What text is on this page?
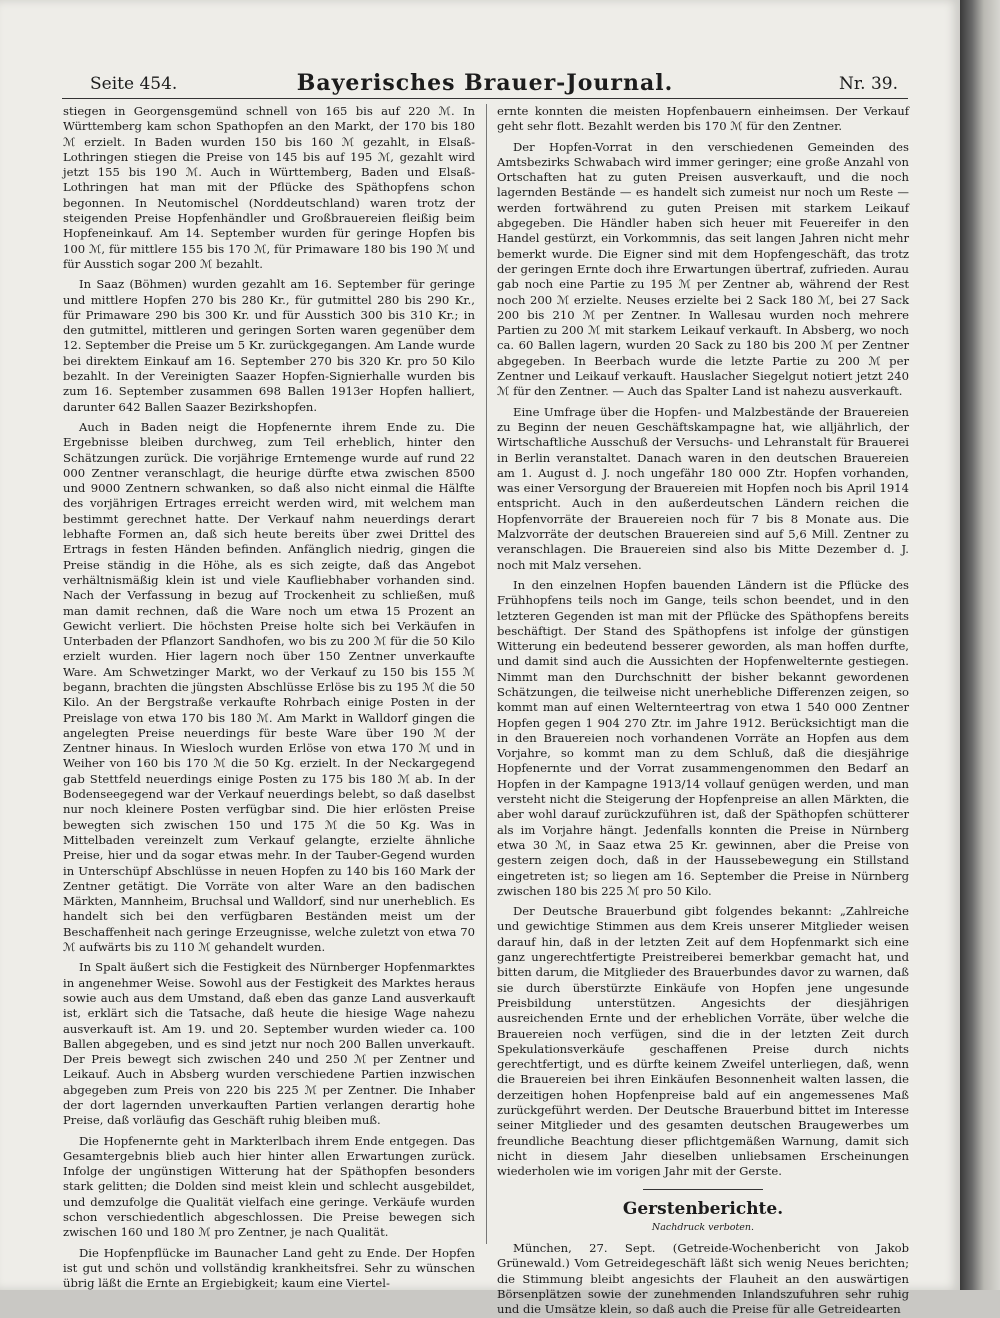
Seite 454.	Bayerisches Brauer-Journal.	Nr. 39.

stiegen in Georgensgemünd schnell von 165 bis auf 220 ℳ. In Württemberg kam schon Spathopfen an den Markt, der 170 bis 180 ℳ erzielt. In Baden wurden 150 bis 160 ℳ gezahlt, in Elsaß-Lothringen stiegen die Preise von 145 bis auf 195 ℳ, gezahlt wird jetzt 155 bis 190 ℳ. Auch in Württemberg, Baden und Elsaß-Lothringen hat man mit der Pflücke des Späthopfens schon begonnen. In Neutomischel (Norddeutschland) waren trotz der steigenden Preise Hopfenhändler und Großbrauereien fleißig beim Hopfeneinkauf. Am 14. September wurden für geringe Hopfen bis 100 ℳ, für mittlere 155 bis 170 ℳ, für Primaware 180 bis 190 ℳ und für Ausstich sogar 200 ℳ bezahlt.

In Saaz (Böhmen) wurden gezahlt am 16. September für geringe und mittlere Hopfen 270 bis 280 Kr., für gutmittel 280 bis 290 Kr., für Primaware 290 bis 300 Kr. und für Ausstich 300 bis 310 Kr.; in den gutmittel, mittleren und geringen Sorten waren gegenüber dem 12. September die Preise um 5 Kr. zurückgegangen. Am Lande wurde bei direktem Einkauf am 16. September 270 bis 320 Kr. pro 50 Kilo bezahlt. In der Vereinigten Saazer Hopfen-Signierhalle wurden bis zum 16. September zusammen 698 Ballen 1913er Hopfen halliert, darunter 642 Ballen Saazer Bezirkshopfen.

Auch in Baden neigt die Hopfenernte ihrem Ende zu. Die Ergebnisse bleiben durchweg, zum Teil erheblich, hinter den Schätzungen zurück. Die vorjährige Erntemenge wurde auf rund 22 000 Zentner veranschlagt, die heurige dürfte etwa zwischen 8500 und 9000 Zentnern schwanken, so daß also nicht einmal die Hälfte des vorjährigen Ertrages erreicht werden wird, mit welchem man bestimmt gerechnet hatte. Der Verkauf nahm neuerdings derart lebhafte Formen an, daß sich heute bereits über zwei Drittel des Ertrags in festen Händen befinden. Anfänglich niedrig, gingen die Preise ständig in die Höhe, als es sich zeigte, daß das Angebot verhältnismäßig klein ist und viele Kaufliebhaber vorhanden sind. Nach der Verfassung in bezug auf Trockenheit zu schließen, muß man damit rechnen, daß die Ware noch um etwa 15 Prozent an Gewicht verliert. Die höchsten Preise holte sich bei Verkäufen in Unterbaden der Pflanzort Sandhofen, wo bis zu 200 ℳ für die 50 Kilo erzielt wurden. Hier lagern noch über 150 Zentner unverkaufte Ware. Am Schwetzinger Markt, wo der Verkauf zu 150 bis 155 ℳ begann, brachten die jüngsten Abschlüsse Erlöse bis zu 195 ℳ die 50 Kilo. An der Bergstraße verkaufte Rohrbach einige Posten in der Preislage von etwa 170 bis 180 ℳ. Am Markt in Walldorf gingen die angelegten Preise neuerdings für beste Ware über 190 ℳ der Zentner hinaus. In Wiesloch wurden Erlöse von etwa 170 ℳ und in Weiher von 160 bis 170 ℳ die 50 Kg. erzielt. In der Neckargegend gab Stettfeld neuerdings einige Posten zu 175 bis 180 ℳ ab. In der Bodenseegegend war der Verkauf neuerdings belebt, so daß daselbst nur noch kleinere Posten verfügbar sind. Die hier erlösten Preise bewegten sich zwischen 150 und 175 ℳ die 50 Kg. Was in Mittelbaden vereinzelt zum Verkauf gelangte, erzielte ähnliche Preise, hier und da sogar etwas mehr. In der Tauber-Gegend wurden in Unterschüpf Abschlüsse in neuen Hopfen zu 140 bis 160 Mark der Zentner getätigt. Die Vorräte von alter Ware an den badischen Märkten, Mannheim, Bruchsal und Walldorf, sind nur unerheblich. Es handelt sich bei den verfügbaren Beständen meist um der Beschaffenheit nach geringe Erzeugnisse, welche zuletzt von etwa 70 ℳ aufwärts bis zu 110 ℳ gehandelt wurden.

In Spalt äußert sich die Festigkeit des Nürnberger Hopfenmarktes in angenehmer Weise. Sowohl aus der Festigkeit des Marktes heraus sowie auch aus dem Umstand, daß eben das ganze Land ausverkauft ist, erklärt sich die Tatsache, daß heute die hiesige Wage nahezu ausverkauft ist. Am 19. und 20. September wurden wieder ca. 100 Ballen abgegeben, und es sind jetzt nur noch 200 Ballen unverkauft. Der Preis bewegt sich zwischen 240 und 250 ℳ per Zentner und Leikauf. Auch in Absberg wurden verschiedene Partien inzwischen abgegeben zum Preis von 220 bis 225 ℳ per Zentner. Die Inhaber der dort lagernden unverkauften Partien verlangen derartig hohe Preise, daß vorläufig das Geschäft ruhig bleiben muß.

Die Hopfenernte geht in Markterlbach ihrem Ende entgegen. Das Gesamtergebnis blieb auch hier hinter allen Erwartungen zurück. Infolge der ungünstigen Witterung hat der Späthopfen besonders stark gelitten; die Dolden sind meist klein und schlecht ausgebildet, und demzufolge die Qualität vielfach eine geringe. Verkäufe wurden schon verschiedentlich abgeschlossen. Die Preise bewegen sich zwischen 160 und 180 ℳ pro Zentner, je nach Qualität.

Die Hopfenpflücke im Baunacher Land geht zu Ende. Der Hopfen ist gut und schön und vollständig krankheitsfrei. Sehr zu wünschen übrig läßt die Ernte an Ergiebigkeit; kaum eine Viertel-

ernte konnten die meisten Hopfenbauern einheimsen. Der Verkauf geht sehr flott. Bezahlt werden bis 170 ℳ für den Zentner.

Der Hopfen-Vorrat in den verschiedenen Gemeinden des Amtsbezirks Schwabach wird immer geringer; eine große Anzahl von Ortschaften hat zu guten Preisen ausverkauft, und die noch lagernden Bestände — es handelt sich zumeist nur noch um Reste — werden fortwährend zu guten Preisen mit starkem Leikauf abgegeben. Die Händler haben sich heuer mit Feuereifer in den Handel gestürzt, ein Vorkommnis, das seit langen Jahren nicht mehr bemerkt wurde. Die Eigner sind mit dem Hopfengeschäft, das trotz der geringen Ernte doch ihre Erwartungen übertraf, zufrieden. Aurau gab noch eine Partie zu 195 ℳ per Zentner ab, während der Rest noch 200 ℳ erzielte. Neuses erzielte bei 2 Sack 180 ℳ, bei 27 Sack 200 bis 210 ℳ per Zentner. In Wallesau wurden noch mehrere Partien zu 200 ℳ mit starkem Leikauf verkauft. In Absberg, wo noch ca. 60 Ballen lagern, wurden 20 Sack zu 180 bis 200 ℳ per Zentner abgegeben. In Beerbach wurde die letzte Partie zu 200 ℳ per Zentner und Leikauf verkauft. Hauslacher Siegelgut notiert jetzt 240 ℳ für den Zentner. — Auch das Spalter Land ist nahezu ausverkauft.

Eine Umfrage über die Hopfen- und Malzbestände der Brauereien zu Beginn der neuen Geschäftskampagne hat, wie alljährlich, der Wirtschaftliche Ausschuß der Versuchs- und Lehranstalt für Brauerei in Berlin veranstaltet. Danach waren in den deutschen Brauereien am 1. August d. J. noch ungefähr 180 000 Ztr. Hopfen vorhanden, was einer Versorgung der Brauereien mit Hopfen noch bis April 1914 entspricht. Auch in den außerdeutschen Ländern reichen die Hopfenvorräte der Brauereien noch für 7 bis 8 Monate aus. Die Malzvorräte der deutschen Brauereien sind auf 5,6 Mill. Zentner zu veranschlagen. Die Brauereien sind also bis Mitte Dezember d. J. noch mit Malz versehen.

In den einzelnen Hopfen bauenden Ländern ist die Pflücke des Frühhopfens teils noch im Gange, teils schon beendet, und in den letzteren Gegenden ist man mit der Pflücke des Späthopfens bereits beschäftigt. Der Stand des Späthopfens ist infolge der günstigen Witterung ein bedeutend besserer geworden, als man hoffen durfte, und damit sind auch die Aussichten der Hopfenwelternte gestiegen. Nimmt man den Durchschnitt der bisher bekannt gewordenen Schätzungen, die teilweise nicht unerhebliche Differenzen zeigen, so kommt man auf einen Welternteertrag von etwa 1 540 000 Zentner Hopfen gegen 1 904 270 Ztr. im Jahre 1912. Berücksichtigt man die in den Brauereien noch vorhandenen Vorräte an Hopfen aus dem Vorjahre, so kommt man zu dem Schluß, daß die diesjährige Hopfenernte und der Vorrat zusammengenommen den Bedarf an Hopfen in der Kampagne 1913/14 vollauf genügen werden, und man versteht nicht die Steigerung der Hopfenpreise an allen Märkten, die aber wohl darauf zurückzuführen ist, daß der Späthopfen schütterer als im Vorjahre hängt. Jedenfalls konnten die Preise in Nürnberg etwa 30 ℳ, in Saaz etwa 25 Kr. gewinnen, aber die Preise von gestern zeigen doch, daß in der Haussebewegung ein Stillstand eingetreten ist; so liegen am 16. September die Preise in Nürnberg zwischen 180 bis 225 ℳ pro 50 Kilo.

Der Deutsche Brauerbund gibt folgendes bekannt: „Zahlreiche und gewichtige Stimmen aus dem Kreis unserer Mitglieder weisen darauf hin, daß in der letzten Zeit auf dem Hopfenmarkt sich eine ganz ungerechtfertigte Preistreiberei bemerkbar gemacht hat, und bitten darum, die Mitglieder des Brauerbundes davor zu warnen, daß sie durch überstürzte Einkäufe von Hopfen jene ungesunde Preisbildung unterstützen. Angesichts der diesjährigen ausreichenden Ernte und der erheblichen Vorräte, über welche die Brauereien noch verfügen, sind die in der letzten Zeit durch Spekulationsverkäufe geschaffenen Preise durch nichts gerechtfertigt, und es dürfte keinem Zweifel unterliegen, daß, wenn die Brauereien bei ihren Einkäufen Besonnenheit walten lassen, die derzeitigen hohen Hopfenpreise bald auf ein angemessenes Maß zurückgeführt werden. Der Deutsche Brauerbund bittet im Interesse seiner Mitglieder und des gesamten deutschen Braugewerbes um freundliche Beachtung dieser pflichtgemäßen Warnung, damit sich nicht in diesem Jahr dieselben unliebsamen Erscheinungen wiederholen wie im vorigen Jahr mit der Gerste.

Gerstenberichte.
Nachdruck verboten.

München, 27. Sept. (Getreide-Wochenbericht von Jakob Grünewald.) Vom Getreidegeschäft läßt sich wenig Neues berichten; die Stimmung bleibt angesichts der Flauheit an den auswärtigen Börsenplätzen sowie der zunehmenden Inlandszufuhren sehr ruhig und die Umsätze klein, so daß auch die Preise für alle Getreidearten
